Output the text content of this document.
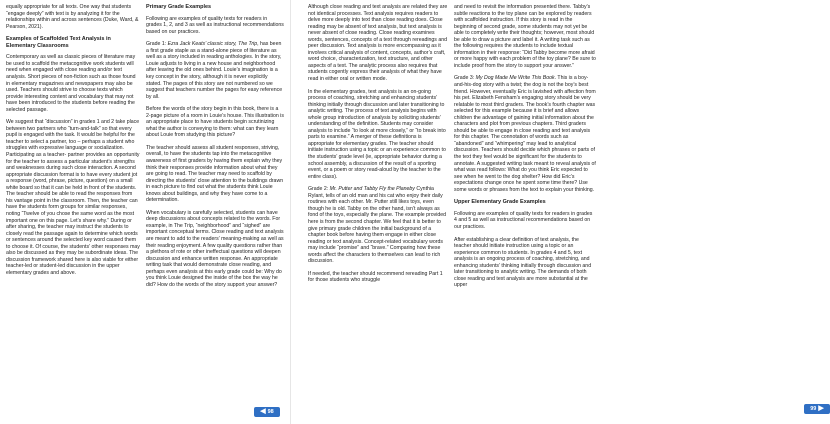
equally appropriate for all texts. One way that students “engage deeply” with text is by analyzing it for the relationships within and across sentences (Duke, Ward, & Pearson, 2021).

Examples of Scaffolded Text Analysis in Elementary Classrooms

Contemporary as well as classic pieces of literature may be used to scaffold the metacognitive work students will need when engaged with close reading and/or text analysis. Short pieces of non-fiction such as those found in elementary magazines and newspapers may also be used. Teachers should strive to choose texts which provide interesting content and vocabulary that may not have been introduced to the students before reading the selected passage.

We suggest that “discussion” in grades 1 and 2 take place between two partners who “turn-and-talk” so that every pupil is engaged with the task. It would be helpful for the teacher to select a partner, too – perhaps a student who struggles with expressive language or socialization. Participating as a teacher- partner provides an opportunity for the teacher to assess a particular student’s strengths and weaknesses during such close interaction. A second appropriate discussion format is to have every student jot a response (word, phrase, picture, question) on a small white board so that it can be held in front of the students. The teacher should be able to read the responses from his vantage point in the classroom. Then, the teacher can have the students form groups for similar responses, noting “Twelve of you chose the same word as the most important one on this page. Let’s share why.” During or after sharing, the teacher may instruct the students to closely read the passage again to determine which words or sentences around the selected key word caused them to choose it. Of course, the students’ other responses may also be discussed as they may be subordinate ideas. The discussion framework shared here is also viable for either teacher-led or student-led discussion in the upper elementary grades and above.

Primary Grade Examples

Following are examples of quality texts for readers in grades 1, 2, and 3 as well as instructional recommendations based on our practices.

Grade 1: Ezra Jack Keats’ classic story, The Trip, has been a first grade staple as a stand-alone piece of literature as well as a story included in reading anthologies. In the story, Louie adjusts to living in a new house and neighborhood after leaving the old ones behind. Louie’s imagination is a key concept in the story, although it is never explicitly stated. The pages of this story are not numbered so we suggest that teachers number the pages for easy reference by all.

Before the words of the story begin in this book, there is a 2-page picture of a room in Louie’s house. This illustration is an appropriate place to have students begin scrutinizing what the author is conveying to them: what can they learn about Louie from studying this picture?

The teacher should assess all student responses, striving, overall, to have the students tap into the metacognitive awareness of first graders by having them explain why they think their responses provide information about what they are going to read. The teacher may need to scaffold by directing the students’ close attention to the buildings drawn in each picture to find out what the students think Louie knows about buildings, and why they have come to a determination.

When vocabulary is carefully selected, students can have deep discussions about concepts related to the words. For example, in The Trip, “neighborhood” and “sighed” are important conceptual terms. Close reading and text analysis are meant to add to the readers’ meaning-making as well as their reading enjoyment. A few quality questions rather than a plethora of rote or other ineffectual questions will deepen discussion and enhance written response. An appropriate writing task that would demonstrate close reading, and perhaps even analysis at this early grade could be: Why do you think Louie designed the inside of the box the way he did? How do the words of the story support your answer?

◀ 98

Although close reading and text analysis are related they are not identical processes. Text analysis requires readers to delve more deeply into text than close reading does. Close reading may be absent of text analysis, but text analysis is never absent of close reading. Close reading examines words, sentences, concepts of a text through rereadings and peer discussion. Text analysis is more encompassing as it involves critical analysis of content, concepts, author’s craft, word choice, characterization, text structure, and other aspects of a text. The analytic process also requires that students cogently express their analysis of what they have read in either oral or written mode.

In the elementary grades, text analysis is an on-going process of coaching, stretching and enhancing students’ thinking initially through discussion and later transitioning to analytic writing. The process of text analysis begins with whole group introduction of analysis by soliciting students’ understanding of the definition. Students may consider analysis to include “to look at more closely,” or “to break into parts to examine.” A merger of these definitions is appropriate for elementary grades. The teacher should initiate instruction using a topic or an experience common to the students’ grade level (ie, appropriate behavior during a school assembly, a discussion of the result of a sporting event, or a poem or story read-aloud by the teacher to the entire class).

Grade 2: Mr. Putter and Tabby Fly the Planeby Cynthia Rylant, tells of an old man and his cat who enjoy their daily routines with each other. Mr. Putter still likes toys, even though he is old. Tabby on the other hand, isn’t always as fond of the toys, especially the plane. The example provided here is from the second chapter. We feel that it is better to give primary grade children the initial background of a chapter book before having them engage in either close reading or text analysis. Concept-related vocabulary words may include “promise” and “brave.” Comparing how these words affect the characters to themselves can lead to rich discussion.

If needed, the teacher should recommend rereading Part 1 for those students who struggle

and need to revisit the information presented there. Tabby’s subtle reactions to the toy plane can be explored by readers with scaffolded instruction. If this story is read in the beginning of second grade, some students may not yet be able to completely write their thoughts; however, most should be able to draw a picture and label it. A writing task such as the following requires the students to include textual information in their response: “Did Tabby become more afraid or more happy with each problem of the toy plane? Be sure to include proof from the story to support your answer.”

Grade 3: My Dog Made Me Write This Book. This is a boy-and-his-dog story with a twist; the dog is not the boy’s best friend. However, eventually Eric is lavished with affection from his pet. Elizabeth Fensham’s engaging story should be very relatable to most third graders. The book’s fourth chapter was selected for this example because it is brief and allows children the advantage of gaining initial information about the characters and plot from previous chapters. Third graders should be able to engage in close reading and text analysis for this chapter. The connotation of words such as “abandoned” and “whimpering” may lead to analytical discussion. Teachers should decide which phrases or parts of the text they feel would be significant for the students to annotate. A suggested writing task meant to reveal analysis of what was read follows: What do you think Eric expected to see when he went to the dog shelter? How did Eric’s expectations change once he spent some time there? Use some words or phrases from the text to explain your thinking.

Upper Elementary Grade Examples

Following are examples of quality texts for readers in grades 4 and 5 as well as instructional recommendations based on our practices.

After establishing a clear definition of text analysis, the teacher should initiate instruction using a topic or an experience common to students. In grades 4 and 5, text analysis is an ongoing process of coaching, stretching, and enhancing students’ thinking initially through discussion and later transitioning to analytic writing. The demands of both close reading and text analysis are more substantial at the upper

99 ▶
